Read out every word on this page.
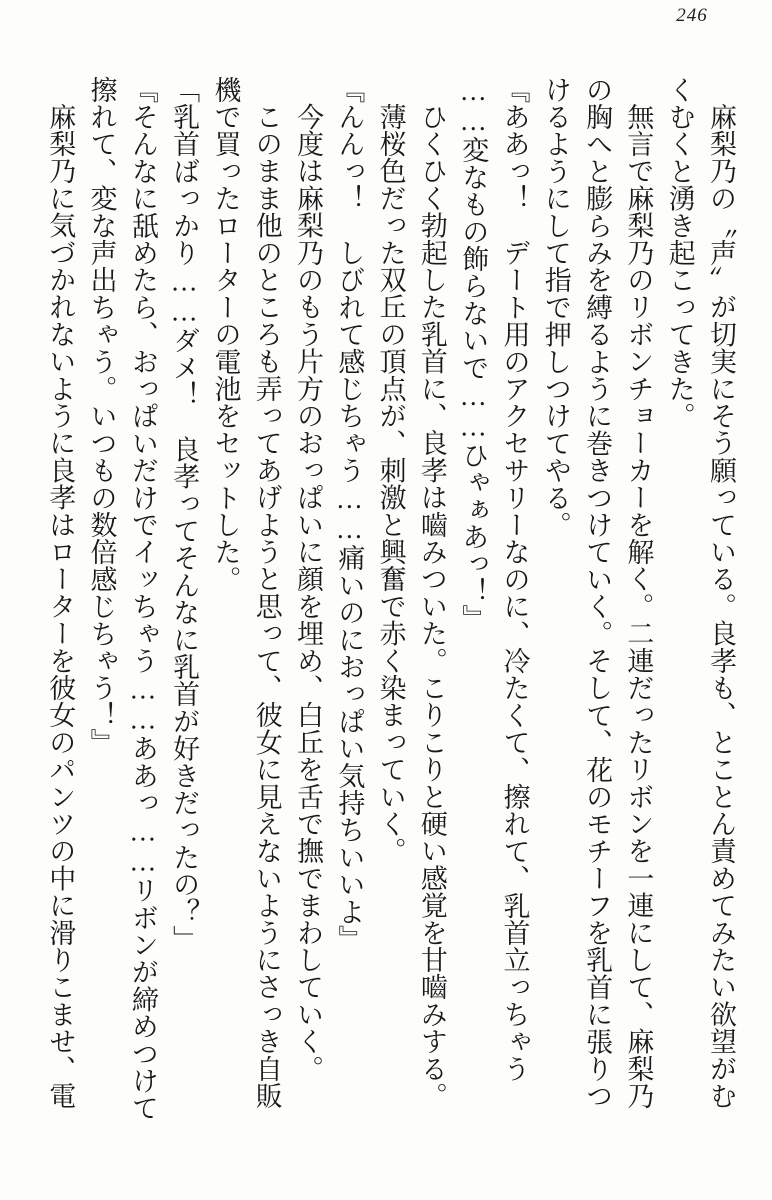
246
麻梨乃の〝声〟が切実にそう願っている。良孝も、とことん責めてみたい欲望がむ
くむくと湧き起こってきた。
無言で麻梨乃のリボンチョーカーを解く。二連だったリボンを一連にして、麻梨乃
の胸へと膨らみを縛るように巻きつけていく。そして、花のモチーフを乳首に張りつ
けるようにして指で押しつけてやる。
『ああっ！　デート用のアクセサリーなのに、冷たくて、擦れて、乳首立っちゃう
……変なもの飾らないで……ひゃぁあっ！』
ひくひく勃起した乳首に、良孝は嚙みついた。こりこりと硬い感覚を甘嚙みする。
薄桜色だった双丘の頂点が、刺激と興奮で赤く染まっていく。
『んんっ！　しびれて感じちゃう……痛いのにおっぱい気持ちいいよ』
今度は麻梨乃のもう片方のおっぱいに顔を埋め、白丘を舌で撫でまわしていく。
このまま他のところも弄ってあげようと思って、彼女に見えないようにさっき自販
機で買ったローターの電池をセットした。
「乳首ばっかり……ダメ！　良孝ってそんなに乳首が好きだったの？」
『そんなに舐めたら、おっぱいだけでイッちゃう……ああっ……リボンが締めつけて
擦れて、変な声出ちゃう。いつもの数倍感じちゃう！』
麻梨乃に気づかれないように良孝はローターを彼女のパンツの中に滑りこませ、電
